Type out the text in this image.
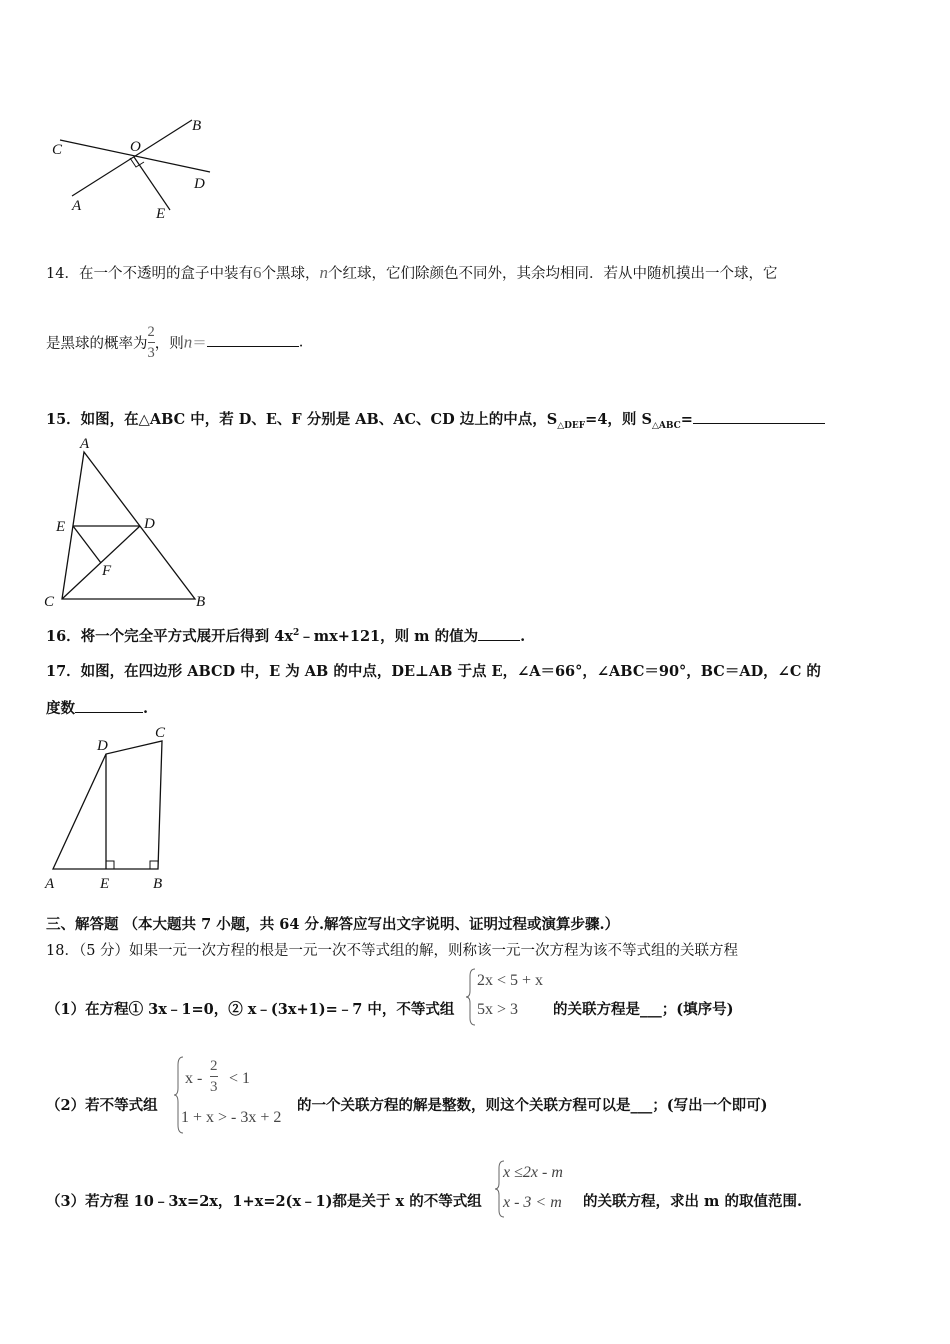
C	O
B
D
A	E
14．在一个不透明的盒子中装有6个黑球，n个红球，它们除颜色不同外，其余均相同．若从中随机摸出一个球，它
是黑球的概率为 $\frac{2}{3}$ ，则n＝	.
15．如图，在△ABC 中，若 D、E、F 分别是 AB、AC、CD 边上的中点，$S_{\triangle DEF}=4$，则 $S_{\triangle ABC}=$
A
E	D
F
C	B
16．将一个完全平方式展开后得到 $4x^2﹣mx+121$，则 m 的值为	.
17．如图，在四边形 ABCD 中，E 为 AB 的中点，DE⊥AB 于点 E，∠A＝66°，∠ABC＝90°，BC＝AD，∠C 的
度数	.
D
C
A	E	B
三、解答题 （本大题共 7 小题，共 64 分.解答应写出文字说明、证明过程或演算步骤.）
18．（5 分）如果一元一次方程的根是一元一次不等式组的解，则称该一元一次方程为该不等式组的关联方程
（1）在方程① 3x﹣1=0，② x﹣(3x+1)=﹣7 中，不等式组
2x < 5 + x
5x > 3 的关联方程是___；(填序号)
（2）若不等式组
$x - \frac{2}{3} < 1$
1 + x > - 3x + 2
的一个关联方程的解是整数，则这个关联方程可以是___；(写出一个即可)
（3）若方程 10﹣3x=2x，1+x=2(x﹣1)都是关于 x 的不等式组
x ≤2x - m
x - 3 < m 的关联方程，求出 m 的取值范围.
